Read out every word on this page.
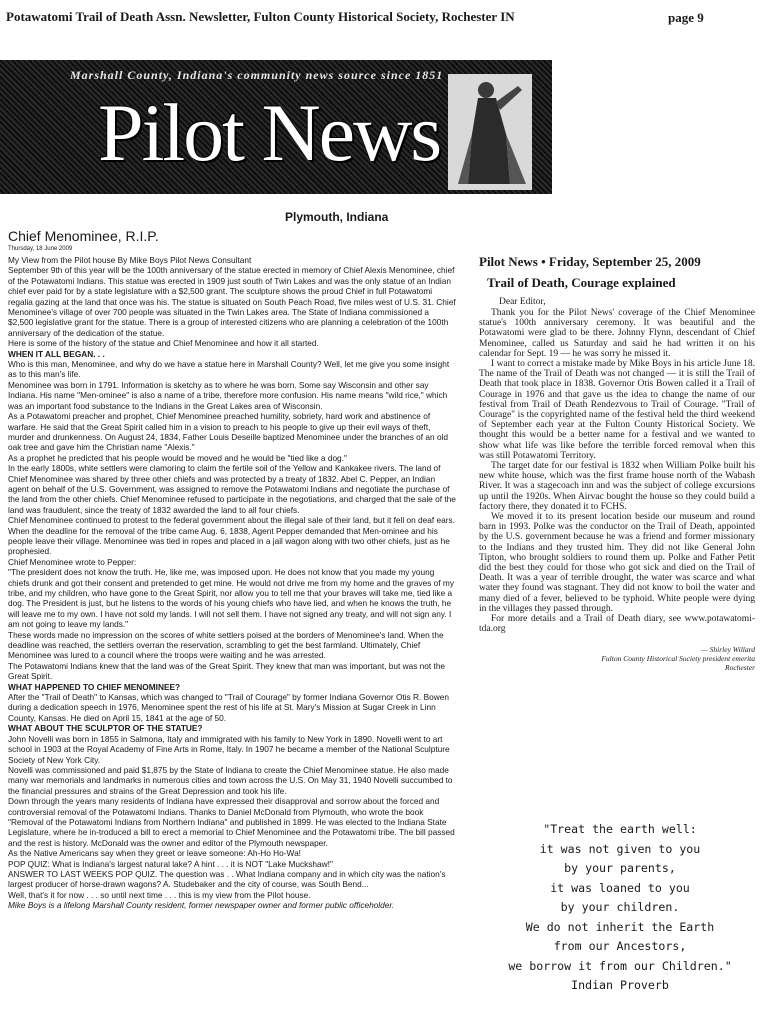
Potawatomi Trail of Death Assn. Newsletter, Fulton County Historical Society, Rochester IN	page 9
Marshall County, Indiana's community news source since 1851
Pilot News
Plymouth, Indiana
Chief Menominee, R.I.P.
Thursday, 18 June 2009

My View from the Pilot house By Mike Boys Pilot News Consultant

September 9th of this year will be the 100th anniversary of the statue erected in memory of Chief Alexis Menominee, chief of the Potawatomi Indians. This statue was erected in 1909 just south of Twin Lakes and was the only statue of an Indian chief ever paid for by a state legislature with a $2,500 grant. The sculpture shows the proud Chief in full Potawatomi regalia gazing at the land that once was his. The statue is situated on South Peach Road, five miles west of U.S. 31. Chief Menominee's village of over 700 people was situated in the Twin Lakes area. The State of Indiana commissioned a $2,500 legislative grant for the statue. There is a group of interested citizens who are planning a celebration of the 100th anniversary of the dedication of the statue.

Here is some of the history of the statue and Chief Menominee and how it all started.

WHEN IT ALL BEGAN. . .

Who is this man, Menominee, and why do we have a statue here in Marshall County? Well, let me give you some insight as to this man's life.

Menominee was born in 1791. Information is sketchy as to where he was born. Some say Wisconsin and other say Indiana. His name "Men-ominee" is also a name of a tribe, therefore more confusion. His name means "wild rice," which was an important food substance to the Indians in the Great Lakes area of Wisconsin.

As a Potawatomi preacher and prophet, Chief Menominee preached humility, sobriety, hard work and abstinence of warfare. He said that the Great Spirit called him in a vision to preach to his people to give up their evil ways of theft, murder and drunkenness. On August 24, 1834, Father Louis Deseille baptized Menominee under the branches of an old oak tree and gave him the Christian name "Alexis."

As a prophet he predicted that his people would be moved and he would be "tied like a dog."

In the early 1800s, white settlers were clamoring to claim the fertile soil of the Yellow and Kankakee rivers. The land of Chief Menominee was shared by three other chiefs and was protected by a treaty of 1832. Abel C. Pepper, an Indian agent on behalf of the U.S. Government, was assigned to remove the Potawatomi Indians and negotiate the purchase of the land from the other chiefs. Chief Menominee refused to participate in the negotiations, and charged that the sale of the land was fraudulent, since the treaty of 1832 awarded the land to all four chiefs.

Chief Menominee continued to protest to the federal government about the illegal sale of their land, but it fell on deaf ears. When the deadline for the removal of the tribe came Aug. 6, 1838, Agent Pepper demanded that Men-ominee and his people leave their village. Menominee was tied in ropes and placed in a jail wagon along with two other chiefs, just as he prophesied.

Chief Menominee wrote to Pepper:

"The president does not know the truth. He, like me, was imposed upon. He does not know that you made my young chiefs drunk and got their consent and pretended to get mine. He would not drive me from my home and the graves of my tribe, and my children, who have gone to the Great Spirit, nor allow you to tell me that your braves will take me, tied like a dog. The President is just, but he listens to the words of his young chiefs who have lied, and when he knows the truth, he will leave me to my own. I have not sold my lands. I will not sell them. I have not signed any treaty, and will not sign any. I am not going to leave my lands."

These words made no impression on the scores of white settlers poised at the borders of Menominee's land. When the deadline was reached, the settlers overran the reservation, scrambling to get the best farmland. Ultimately, Chief Menominee was lured to a council where the troops were waiting and he was arrested.

The Potawatomi Indians knew that the land was of the Great Spirit. They knew that man was important, but was not the Great Spirit.

WHAT HAPPENED TO CHIEF MENOMINEE?

After the "Trail of Death" to Kansas, which was changed to "Trail of Courage" by former Indiana Governor Otis R. Bowen during a dedication speech in 1976, Menominee spent the rest of his life at St. Mary's Mission at Sugar Creek in Linn County, Kansas. He died on April 15, 1841 at the age of 50.

WHAT ABOUT THE SCULPTOR OF THE STATUE?

John Novelli was born in 1855 in Salmona, Italy and immigrated with his family to New York in 1890. Novelli went to art school in 1903 at the Royal Academy of Fine Arts in Rome, Italy. In 1907 he became a member of the National Sculpture Society of New York City.

Novelli was commissioned and paid $1,875 by the State of Indiana to create the Chief Menominee statue. He also made many war memorials and landmarks in numerous cities and town across the U.S. On May 31, 1940 Novelli succumbed to the financial pressures and strains of the Great Depression and took his life.

Down through the years many residents of Indiana have expressed their disapproval and sorrow about the forced and controversial removal of the Potawatomi Indians. Thanks to Daniel McDonald from Plymouth, who wrote the book "Removal of the Potawatomi Indians from Northern Indiana" and published in 1899. He was elected to the Indiana State Legislature, where he in-troduced a bill to erect a memorial to Chief Menominee and the Potawatomi tribe. The bill passed and the rest is history. McDonald was the owner and editor of the Plymouth newspaper.

As the Native Americans say when they greet or leave someone: Ah-Ho Ho-Wa!

POP QUIZ: What is Indiana's largest natural lake? A hint . . . it is NOT "Lake Muckshaw!"

ANSWER TO LAST WEEKS POP QUIZ. The question was . . What Indiana company and in which city was the nation's largest producer of horse-drawn wagons? A. Studebaker and the city of course, was South Bend...

Well, that's it for now . . . so until next time . . . this is my view from the Pilot house.

Mike Boys is a lifelong Marshall County resident, former newspaper owner and former public officeholder.

Pilot News • Friday, September 25, 2009
Trail of Death, Courage explained
Dear Editor,

Thank you for the Pilot News' coverage of the Chief Menominee statue's 100th anniversary ceremony. It was beautiful and the Potawatomi were glad to be there. Johnny Flynn, descendant of Chief Menominee, called us Saturday and said he had written it on his calendar for Sept. 19 — he was sorry he missed it.

I want to correct a mistake made by Mike Boys in his article June 18. The name of the Trail of Death was not changed — it is still the Trail of Death that took place in 1838. Governor Otis Bowen called it a Trail of Courage in 1976 and that gave us the idea to change the name of our festival from Trail of Death Rendezvous to Trail of Courage. "Trail of Courage" is the copyrighted name of the festival held the third weekend of September each year at the Fulton County Historical Society. We thought this would be a better name for a festival and we wanted to show what life was like before the terrible forced removal when this was still Potawatomi Territory.

The target date for our festival is 1832 when William Polke built his new white house, which was the first frame house north of the Wabash River. It was a stagecoach inn and was the subject of college excursions up until the 1920s. When Airvac bought the house so they could build a factory there, they donated it to FCHS.

We moved it to its present location beside our museum and round barn in 1993. Polke was the conductor on the Trail of Death, appointed by the U.S. government because he was a friend and former missionary to the Indians and they trusted him. They did not like General John Tipton, who brought soldiers to round them up. Polke and Father Petit did the best they could for those who got sick and died on the Trail of Death. It was a year of terrible drought, the water was scarce and what water they found was stagnant. They did not know to boil the water and many died of a fever, believed to be typhoid. White people were dying in the villages they passed through.

For more details and a Trail of Death diary, see www.potawatomi-tda.org

— Shirley Willard
Fulton County Historical Society president emerita
Rochester
"Treat the earth well:
it was not given to you
by your parents,
it was loaned to you
by your children.
We do not inherit the Earth
from our Ancestors,
we borrow it from our Children."
Indian Proverb
